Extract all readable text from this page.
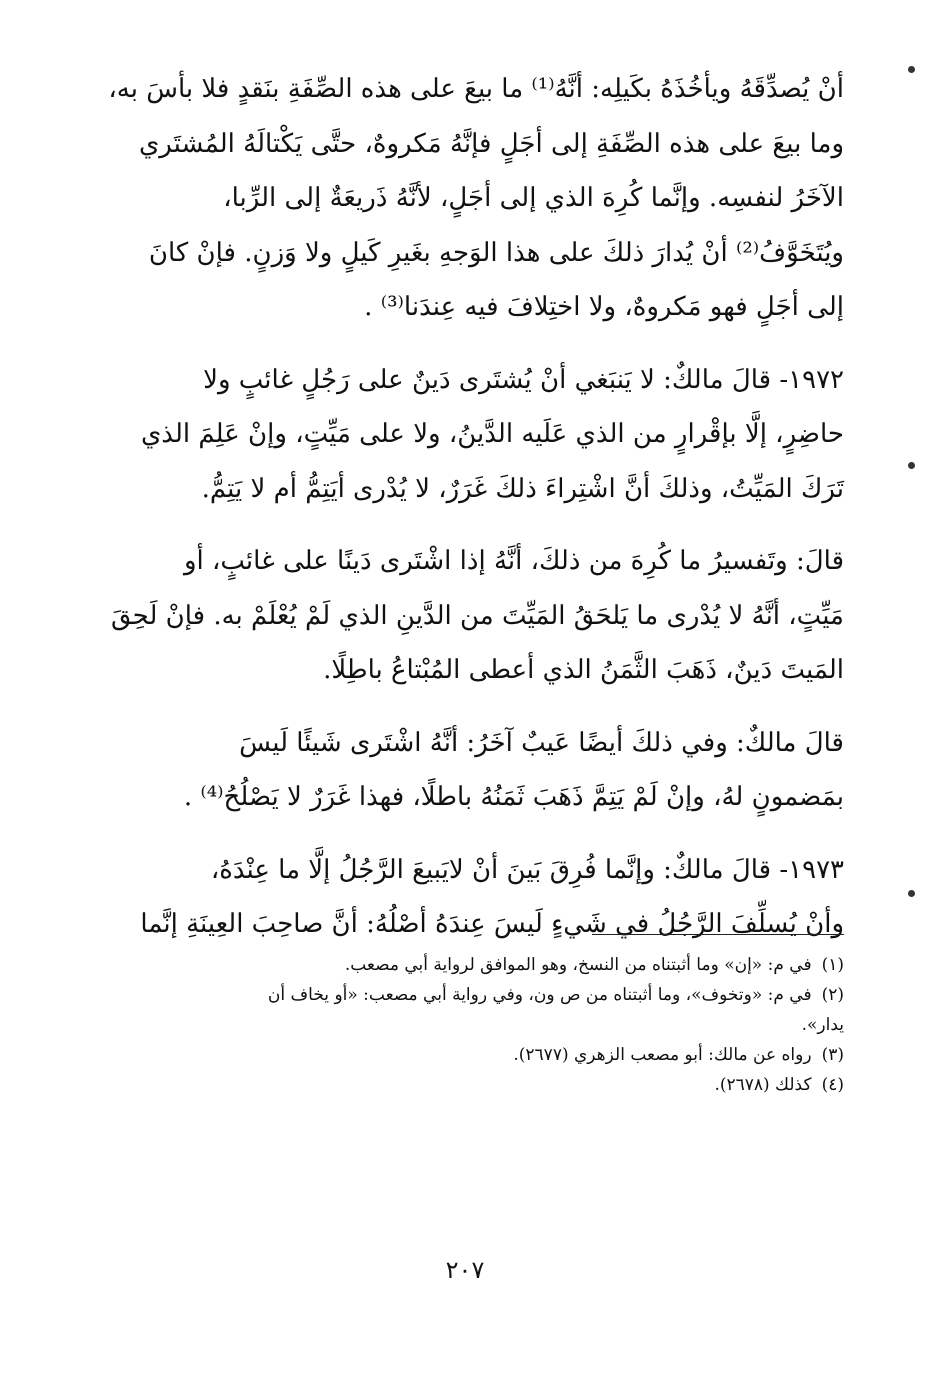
أنْ يُصدِّقَهُ ويأخُذَهُ بكَيلِه: أنَّهُ⁽¹⁾ ما بيعَ على هذه الصِّفَةِ بنَقدٍ فلا بأسَ به،

وما بيعَ على هذه الصِّفَةِ إلى أجَلٍ فإنَّهُ مَكروهٌ، حتَّى يَكْتالَهُ المُشتَري

الآخَرُ لنفسِه. وإنَّما كُرِهَ الذي إلى أجَلٍ، لأنَّهُ ذَريعَةٌ إلى الرِّبا،

ويُتَخَوَّفُ⁽²⁾ أنْ يُدارَ ذلكَ على هذا الوَجهِ بغَيرِ كَيلٍ ولا وَزنٍ. فإنْ كانَ

إلى أجَلٍ فهو مَكروهٌ، ولا اختِلافَ فيه عِندَنا⁽³⁾ .

١٩٧٢- قالَ مالكٌ: لا يَنبَغي أنْ يُشتَرى دَينٌ على رَجُلٍ غائبٍ ولا

حاضِرٍ، إلَّا بإقْرارٍ من الذي عَلَيه الدَّينُ، ولا على مَيِّتٍ، وإنْ عَلِمَ الذي

تَرَكَ المَيِّتُ، وذلكَ أنَّ اشْتِراءَ ذلكَ غَرَرٌ، لا يُدْرى أيَتِمُّ أم لا يَتِمُّ.

قالَ: وتَفسيرُ ما كُرِهَ من ذلكَ، أنَّهُ إذا اشْتَرى دَينًا على غائبٍ، أو

مَيِّتٍ، أنَّهُ لا يُدْرى ما يَلحَقُ المَيِّتَ من الدَّينِ الذي لَمْ يُعْلَمْ به. فإنْ لَحِقَ

المَيتَ دَينٌ، ذَهَبَ الثَّمَنُ الذي أعطى المُبْتاعُ باطِلًا.

قالَ مالكٌ: وفي ذلكَ أيضًا عَيبٌ آخَرُ: أنَّهُ اشْتَرى شَيئًا لَيسَ

بمَضمونٍ لهُ، وإنْ لَمْ يَتِمَّ ذَهَبَ ثَمَنُهُ باطلًا، فهذا غَرَرٌ لا يَصْلُحُ⁽⁴⁾ .

١٩٧٣- قالَ مالكٌ: وإنَّما فُرِقَ بَينَ أنْ لايَبيعَ الرَّجُلُ إلَّا ما عِنْدَهُ،

وأنْ يُسلِّفَ الرَّجُلُ في شَيءٍ لَيسَ عِندَهُ أصْلُهُ: أنَّ صاحِبَ العِينَةِ إنَّما

(١)في م: «إن» وما أثبتناه من النسخ، وهو الموافق لرواية أبي مصعب.

(٢)في م: «وتخوف»، وما أثبتناه من ص ون، وفي رواية أبي مصعب: «أو يخاف أن
يدار».

(٣)رواه عن مالك: أبو مصعب الزهري (٢٦٧٧).

(٤)كذلك (٢٦٧٨).

٢٠٧
